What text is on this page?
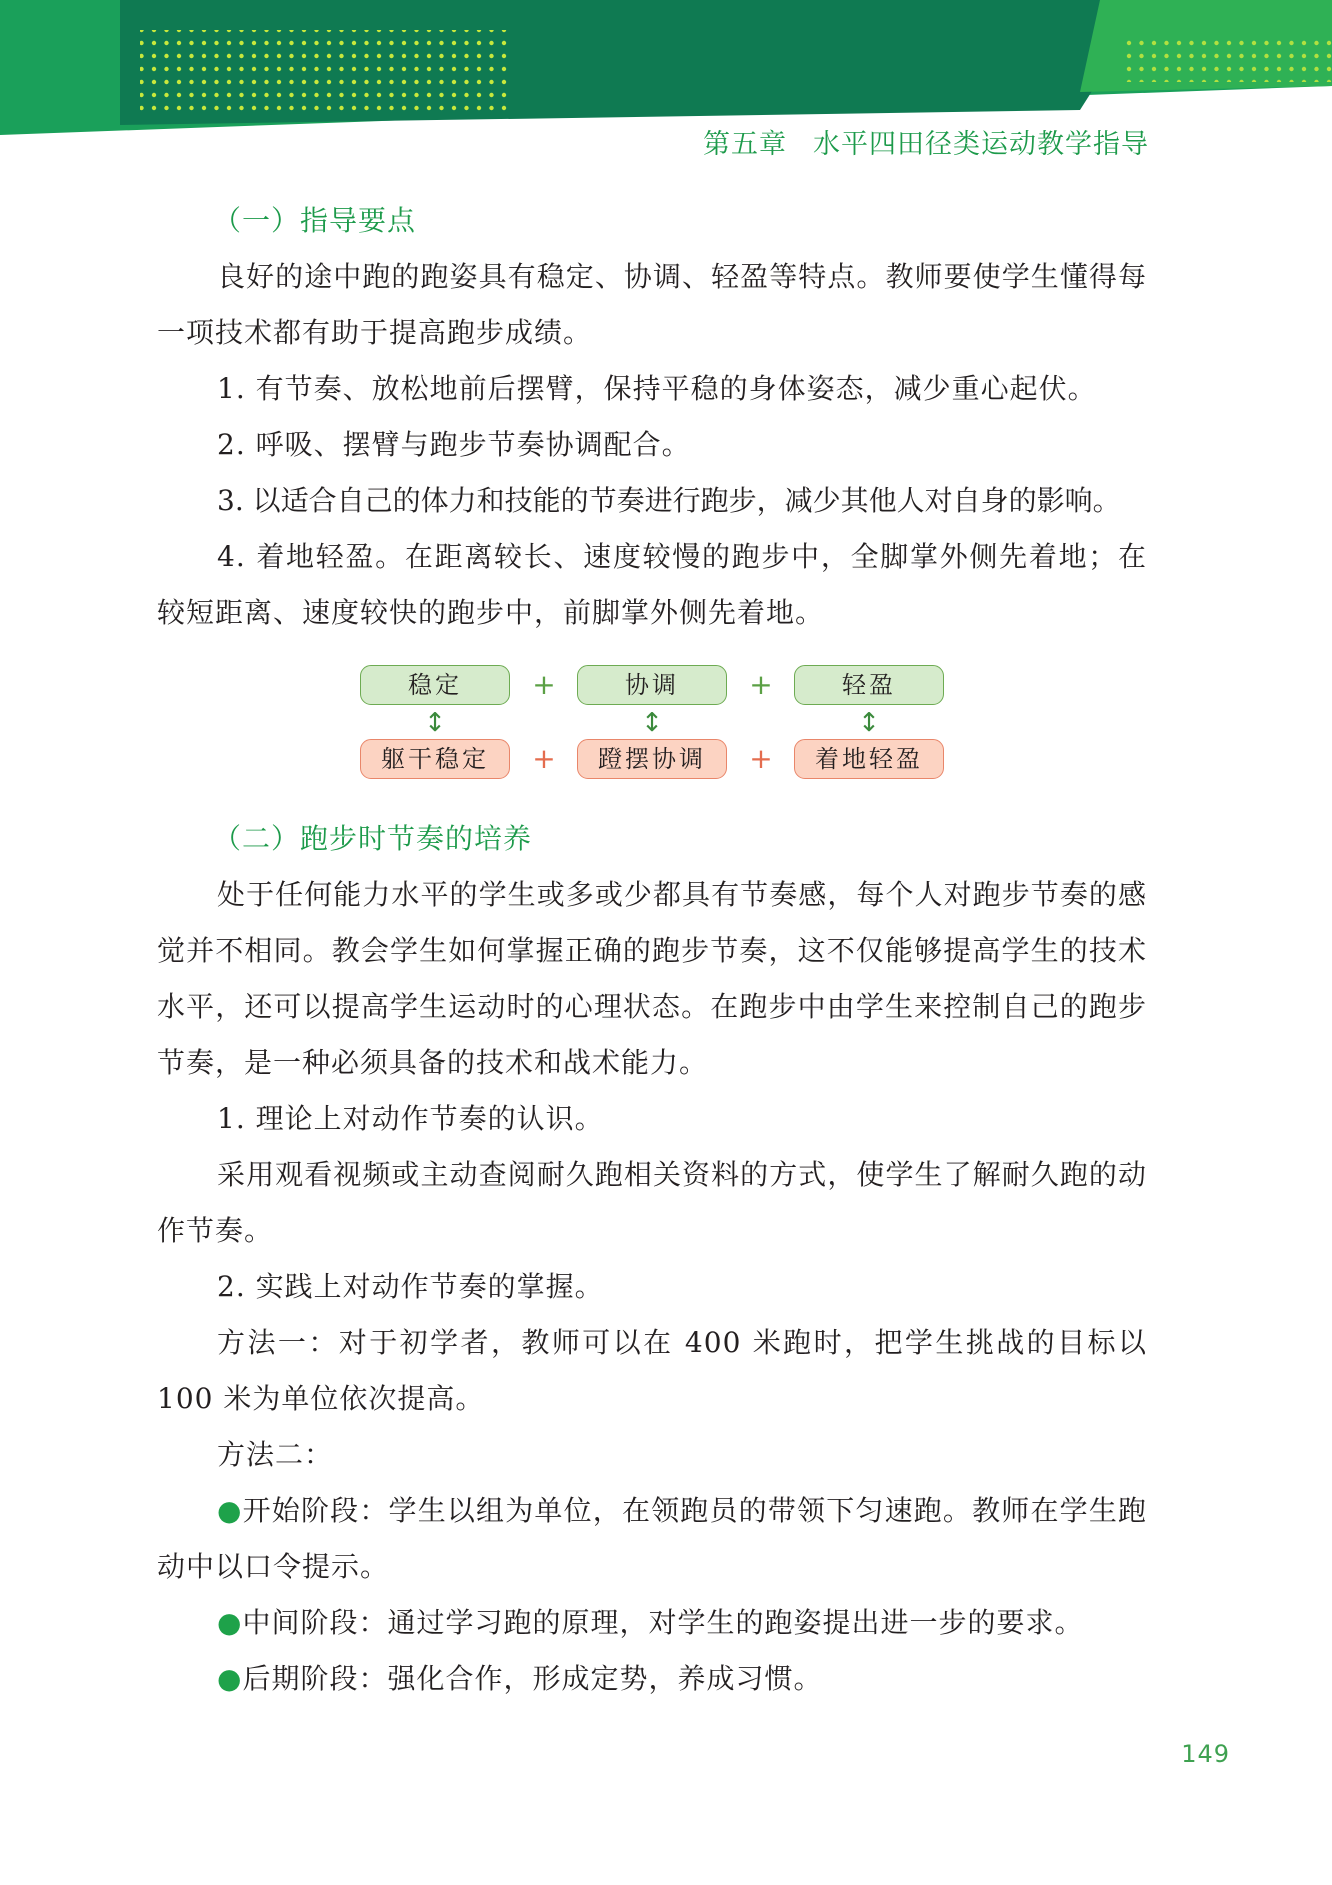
第五章 水平四田径类运动教学指导
（一）指导要点

良好的途中跑的跑姿具有稳定、协调、轻盈等特点。教师要使学生懂得每一项技术都有助于提高跑步成绩。

1. 有节奏、放松地前后摆臂，保持平稳的身体姿态，减少重心起伏。

2. 呼吸、摆臂与跑步节奏协调配合。

3. 以适合自己的体力和技能的节奏进行跑步，减少其他人对自身的影响。

4. 着地轻盈。在距离较长、速度较慢的跑步中，全脚掌外侧先着地；在较短距离、速度较快的跑步中，前脚掌外侧先着地。

稳定	+	协调	+	轻盈
↕	↕	↕
躯干稳定	+	蹬摆协调	+	着地轻盈
（二）跑步时节奏的培养

处于任何能力水平的学生或多或少都具有节奏感，每个人对跑步节奏的感觉并不相同。教会学生如何掌握正确的跑步节奏，这不仅能够提高学生的技术水平，还可以提高学生运动时的心理状态。在跑步中由学生来控制自己的跑步节奏，是一种必须具备的技术和战术能力。

1. 理论上对动作节奏的认识。

采用观看视频或主动查阅耐久跑相关资料的方式，使学生了解耐久跑的动作节奏。

2. 实践上对动作节奏的掌握。

方法一：对于初学者，教师可以在 400 米跑时，把学生挑战的目标以 100 米为单位依次提高。

方法二：

●开始阶段：学生以组为单位，在领跑员的带领下匀速跑。教师在学生跑动中以口令提示。

●中间阶段：通过学习跑的原理，对学生的跑姿提出进一步的要求。

●后期阶段：强化合作，形成定势，养成习惯。

149
